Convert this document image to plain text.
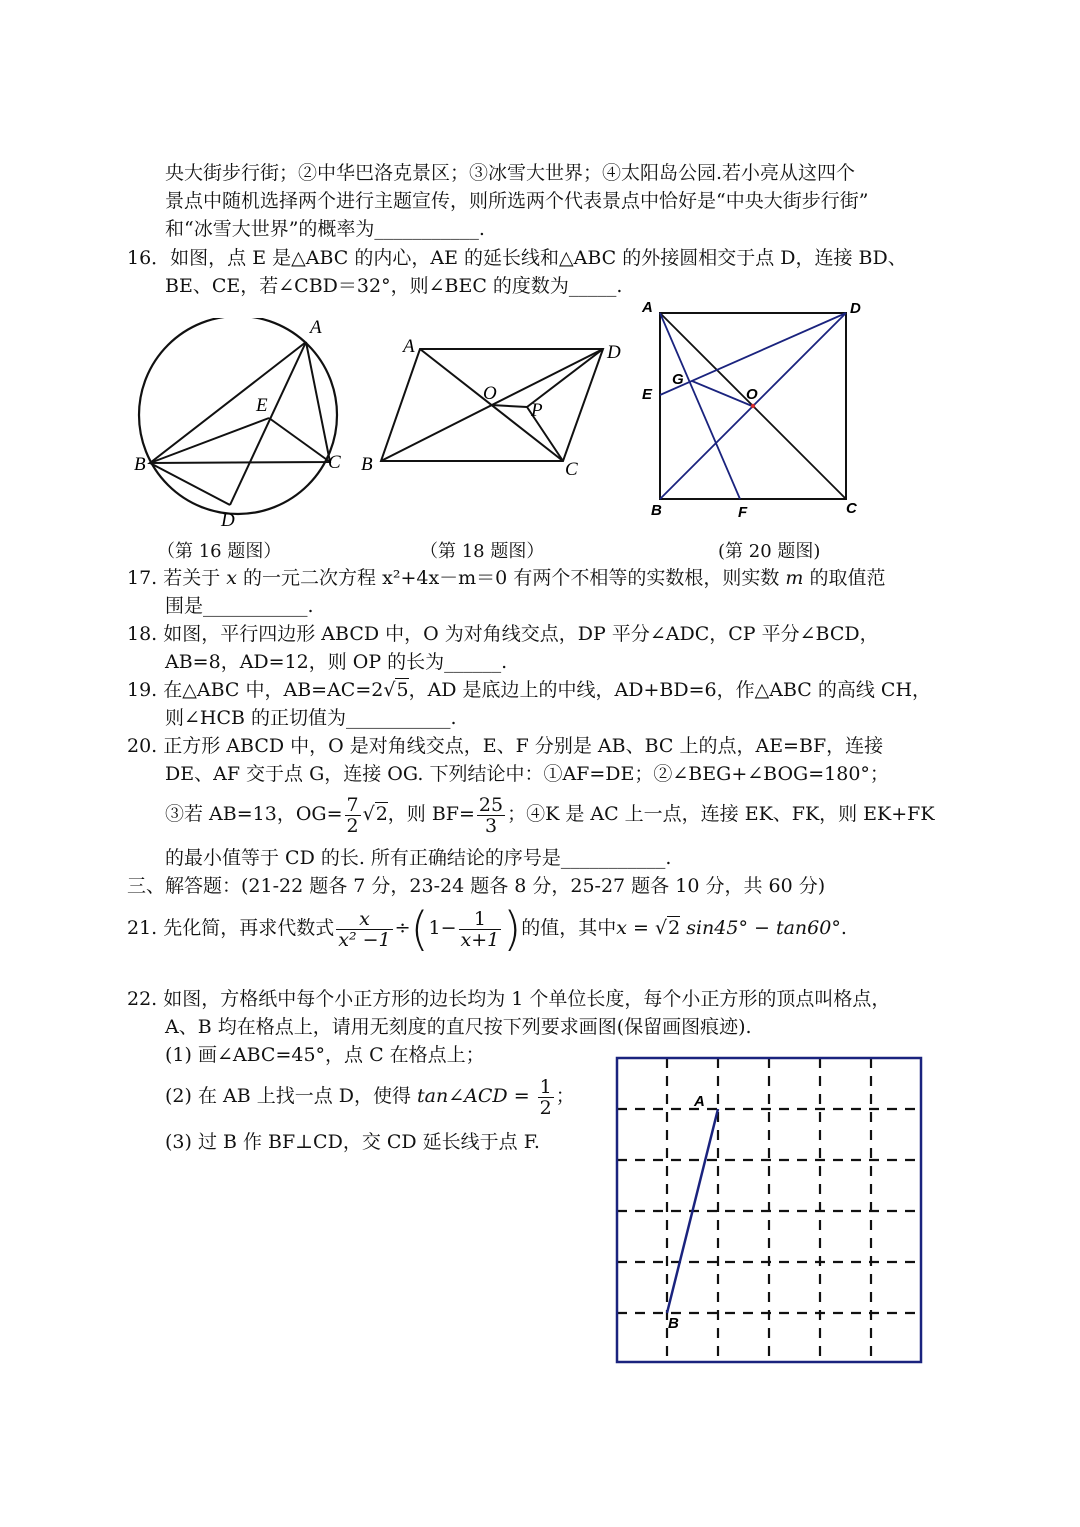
央大街步行街；②中华巴洛克景区；③冰雪大世界；④太阳岛公园.若小亮从这四个
景点中随机选择两个进行主题宣传，则所选两个代表景点中恰好是“中央大街步行街”
和“冰雪大世界”的概率为___________.
16．如图，点 E 是△ABC 的内心，AE 的延长线和△ABC 的外接圆相交于点 D，连接 BD、
BE、CE，若∠CBD＝32°，则∠BEC 的度数为_____.
A
B	C
D
E
A
B	C
D
O
P
A
B	C
D
E
F
G
O
（第 16 题图）	（第 18 题图）	(第 20 题图)
17. 若关于 x 的一元二次方程 x²+4x－m＝0 有两个不相等的实数根，则实数 m 的取值范
围是___________.
18. 如图，平行四边形 ABCD 中，O 为对角线交点，DP 平分∠ADC，CP 平分∠BCD，
AB=8，AD=12，则 OP 的长为______.
19. 在△ABC 中，AB=AC=2√5，AD 是底边上的中线，AD+BD=6，作△ABC 的高线 CH，
则∠HCB 的正切值为___________.
20. 正方形 ABCD 中，O 是对角线交点，E、F 分别是 AB、BC 上的点，AE=BF，连接
DE、AF 交于点 G，连接 OG. 下列结论中：①AF=DE；②∠BEG+∠BOG=180°；
③若 AB=13，$OG= \frac{7}{2} √2$，则 $BF= \frac{25}{3}$ ；④K 是 AC 上一点，连接 EK、FK，则 EK+FK
的最小值等于 CD 的长. 所有正确结论的序号是___________.
三、解答题：(21-22 题各 7 分，23-24 题各 8 分，25-27 题各 10 分，共 60 分)
21. 先化简，再求代数式 $\frac{x}{\text{x² −1}} \div(1- \frac{1}{x+1}$ )的值，其中x = √2 sin45° − tan60°.
22. 如图，方格纸中每个小正方形的边长均为 1 个单位长度，每个小正方形的顶点叫格点，
A、B 均在格点上，请用无刻度的直尺按下列要求画图(保留画图痕迹).
(1) 画∠ABC=45°，点 C 在格点上；
(2) 在 AB 上找一点 D，使得 tan∠ACD = $\frac{1}{2}$ ；
(3) 过 B 作 BF⊥CD，交 CD 延长线于点 F.
A
B
